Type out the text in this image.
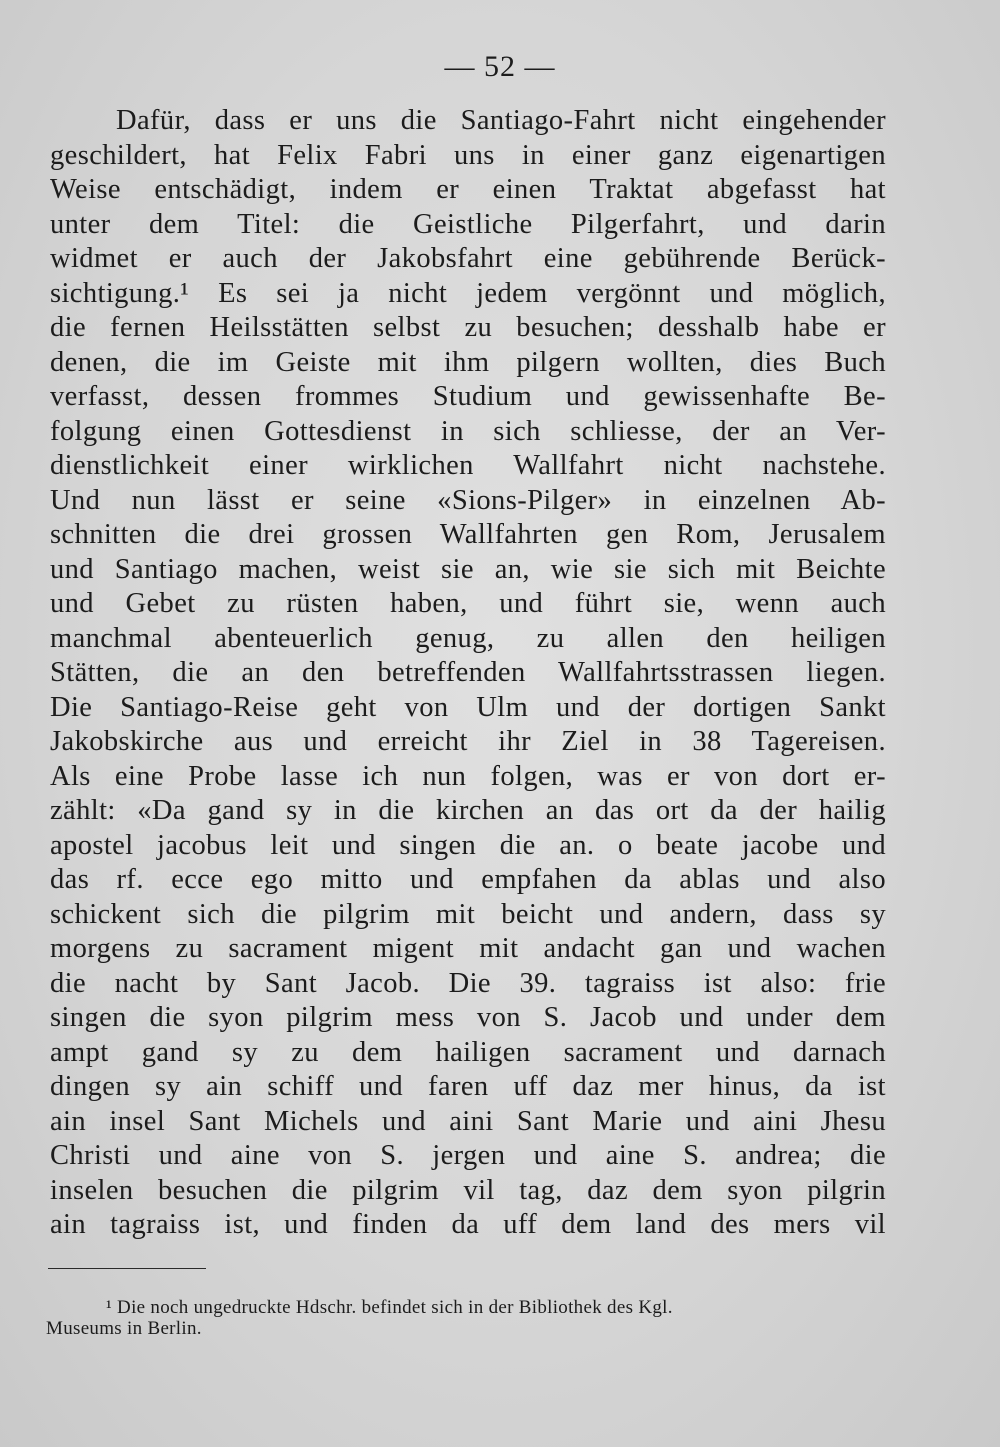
— 52 —
Dafür, dass er uns die Santiago-Fahrt nicht eingehender
geschildert, hat Felix Fabri uns in einer ganz eigenartigen
Weise entschädigt, indem er einen Traktat abgefasst hat
unter dem Titel: die Geistliche Pilgerfahrt, und darin
widmet er auch der Jakobsfahrt eine gebührende Berück-
sichtigung.¹ Es sei ja nicht jedem vergönnt und möglich,
die fernen Heilsstätten selbst zu besuchen; desshalb habe er
denen, die im Geiste mit ihm pilgern wollten, dies Buch
verfasst, dessen frommes Studium und gewissenhafte Be-
folgung einen Gottesdienst in sich schliesse, der an Ver-
dienstlichkeit einer wirklichen Wallfahrt nicht nachstehe.
Und nun lässt er seine «Sions-Pilger» in einzelnen Ab-
schnitten die drei grossen Wallfahrten gen Rom, Jerusalem
und Santiago machen, weist sie an, wie sie sich mit Beichte
und Gebet zu rüsten haben, und führt sie, wenn auch
manchmal abenteuerlich genug, zu allen den heiligen
Stätten, die an den betreffenden Wallfahrtsstrassen liegen.
Die Santiago-Reise geht von Ulm und der dortigen Sankt
Jakobskirche aus und erreicht ihr Ziel in 38 Tagereisen.
Als eine Probe lasse ich nun folgen, was er von dort er-
zählt: «Da gand sy in die kirchen an das ort da der hailig
apostel jacobus leit und singen die an. o beate jacobe und
das rf. ecce ego mitto und empfahen da ablas und also
schickent sich die pilgrim mit beicht und andern, dass sy
morgens zu sacrament migent mit andacht gan und wachen
die nacht by Sant Jacob. Die 39. tagraiss ist also: frie
singen die syon pilgrim mess von S. Jacob und under dem
ampt gand sy zu dem hailigen sacrament und darnach
dingen sy ain schiff und faren uff daz mer hinus, da ist
ain insel Sant Michels und aini Sant Marie und aini Jhesu
Christi und aine von S. jergen und aine S. andrea; die
inselen besuchen die pilgrim vil tag, daz dem syon pilgrin
ain tagraiss ist, und finden da uff dem land des mers vil
¹ Die noch ungedruckte Hdschr. befindet sich in der Bibliothek des Kgl.
Museums in Berlin.
